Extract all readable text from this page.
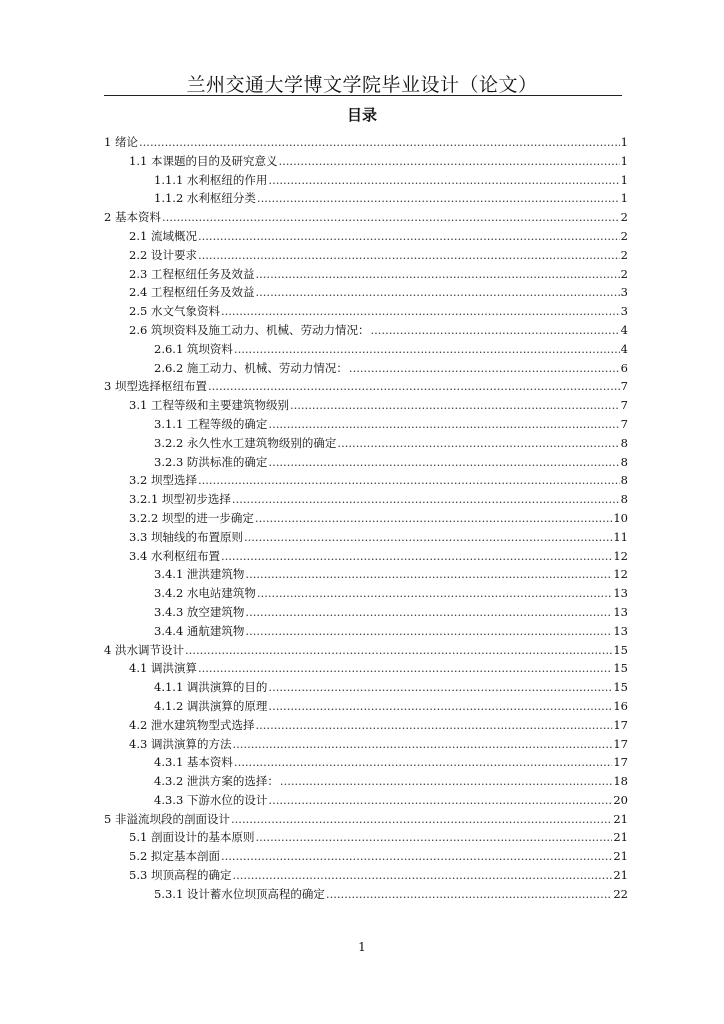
兰州交通大学博文学院毕业设计（论文）
目录
1 绪论 .....	1
1.1 本课题的目的及研究意义 .....	1
1.1.1 水利枢纽的作用 .....	1
1.1.2 水利枢纽分类 .....	1
2 基本资料 .....	2
2.1 流域概况 .....	2
2.2 设计要求 .....	2
2.3 工程枢纽任务及效益 .....	2
2.4 工程枢纽任务及效益 .....	3
2.5 水文气象资料 .....	3
2.6 筑坝资料及施工动力、机械、劳动力情况： .....	4
2.6.1 筑坝资料 .....	4
2.6.2 施工动力、机械、劳动力情况： .....	6
3 坝型选择枢纽布置 .....	7
3.1 工程等级和主要建筑物级别 .....	7
3.1.1 工程等级的确定 .....	7
3.2.2 永久性水工建筑物级别的确定 .....	8
3.2.3 防洪标准的确定 .....	8
3.2 坝型选择 .....	8
3.2.1 坝型初步选择 .....	8
3.2.2 坝型的进一步确定 .....	10
3.3 坝轴线的布置原则 .....	11
3.4 水利枢纽布置 .....	12
3.4.1 泄洪建筑物 .....	12
3.4.2 水电站建筑物 .....	13
3.4.3 放空建筑物 .....	13
3.4.4 通航建筑物 .....	13
4 洪水调节设计 .....	15
4.1 调洪演算 .....	15
4.1.1 调洪演算的目的 .....	15
4.1.2 调洪演算的原理 .....	16
4.2 泄水建筑物型式选择 .....	17
4.3 调洪演算的方法 .....	17
4.3.1 基本资料 .....	17
4.3.2 泄洪方案的选择： .....	18
4.3.3 下游水位的设计 .....	20
5 非溢流坝段的剖面设计 .....	21
5.1 剖面设计的基本原则 .....	21
5.2 拟定基本剖面 .....	21
5.3 坝顶高程的确定 .....	21
5.3.1 设计蓄水位坝顶高程的确定 .....	22
1
